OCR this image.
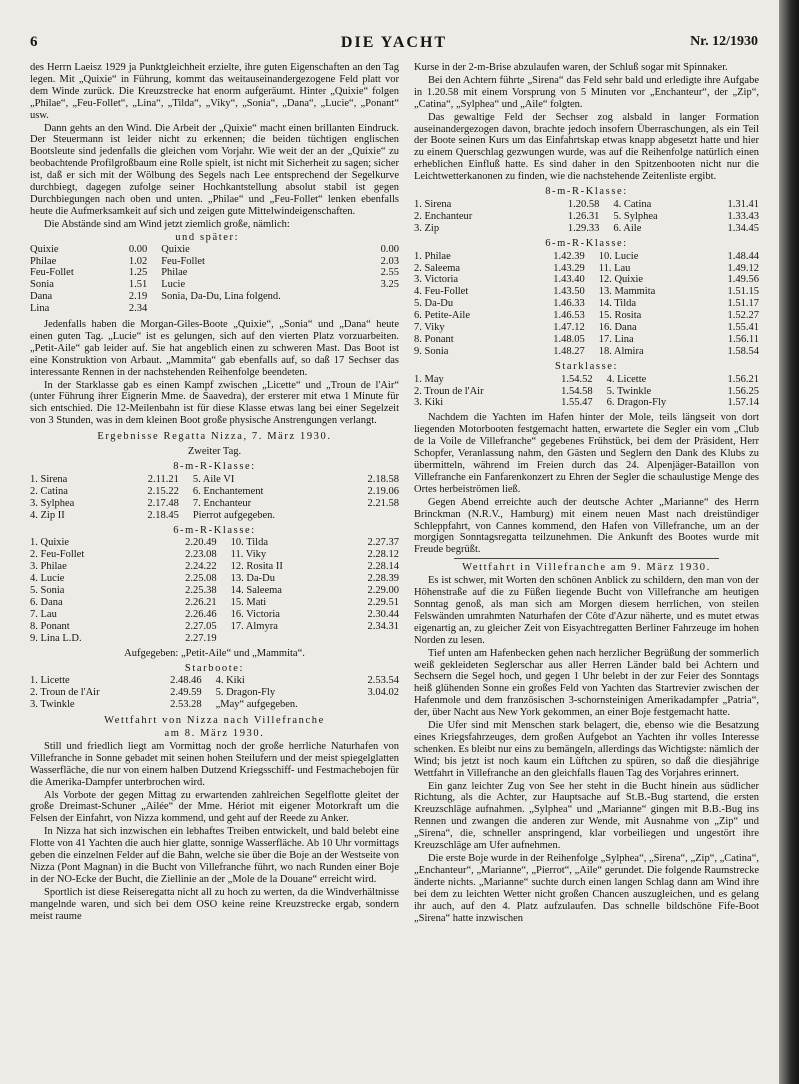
6	DIE YACHT	Nr. 12/1930

des Herrn Laeisz 1929 ja Punktgleichheit erzielte, ihre guten Eigenschaften an den Tag legen. Mit „Quixie“ in Führung, kommt das weitauseinandergezogene Feld platt vor dem Winde zurück. Die Kreuzstrecke hat enorm aufgeräumt. Hinter „Quixie“ folgen „Philae“, „Feu-Follet“, „Lina“, „Tilda“, „Viky“, „Sonia“, „Dana“, „Lucie“, „Ponant“ usw.

Dann gehts an den Wind. Die Arbeit der „Quixie“ macht einen brillanten Eindruck. Der Steuermann ist leider nicht zu erkennen; die beiden tüchtigen englischen Bootsleute sind jedenfalls die gleichen vom Vorjahr. Wie weit der an der „Quixie“ zu beobachtende Profilgroßbaum eine Rolle spielt, ist nicht mit Sicherheit zu sagen; sicher ist, daß er sich mit der Wölbung des Segels nach Lee entsprechend der Segelkurve durchbiegt, dagegen zufolge seiner Hochkantstellung absolut stabil ist gegen Durchbiegungen nach oben und unten. „Philae“ und „Feu-Follet“ lenken ebenfalls heute die Aufmerksamkeit auf sich und zeigen gute Mittelwindeigenschaften.

Die Abstände sind am Wind jetzt ziemlich große, nämlich:

		und später:	
Quixie	0.00	Quixie	0.00
Philae	1.02	Feu-Follet	2.03
Feu-Follet	1.25	Philae	2.55
Sonia	1.51	Lucie	3.25
Dana	2.19	Sonia, Da-Du, Lina folgend.	
Lina	2.34		

Jedenfalls haben die Morgan-Giles-Boote „Quixie“, „Sonia“ und „Dana“ heute einen guten Tag. „Lucie“ ist es gelungen, sich auf den vierten Platz vorzuarbeiten. „Petit-Aile“ gab leider auf. Sie hat angeblich einen zu schweren Mast. Das Boot ist eine Konstruktion von Arbaut. „Mammita“ gab ebenfalls auf, so daß 17 Sechser das interessante Rennen in der nachstehenden Reihenfolge beendeten.

In der Starklasse gab es einen Kampf zwischen „Licette“ und „Troun de l'Air“ (unter Führung ihrer Eignerin Mme. de Saavedra), der ersterer mit etwa 1 Minute für sich entschied. Die 12-Meilenbahn ist für diese Klasse etwas lang bei einer Segelzeit von 3 Stunden, was in dem kleinen Boot große physische Anstrengungen verlangt.

Ergebnisse Regatta Nizza, 7. März 1930.
Zweiter Tag.
8-m-R-Klasse:
1. Sirena	2.11.21	5. Aile VI	2.18.58
2. Catina	2.15.22	6. Enchantement	2.19.06
3. Sylphea	2.17.48	7. Enchanteur	2.21.58
4. Zip II	2.18.45	Pierrot aufgegeben.	
6-m-R-Klasse:
1. Quixie	2.20.49	10. Tilda	2.27.37
2. Feu-Follet	2.23.08	11. Viky	2.28.12
3. Philae	2.24.22	12. Rosita II	2.28.14
4. Lucie	2.25.08	13. Da-Du	2.28.39
5. Sonia	2.25.38	14. Saleema	2.29.00
6. Dana	2.26.21	15. Mati	2.29.51
7. Lau	2.26.46	16. Victoria	2.30.44
8. Ponant	2.27.05	17. Almyra	2.34.31
9. Lina L.D.	2.27.19		
Aufgegeben: „Petit-Aile“ und „Mammita“.
Starboote:
1. Licette	2.48.46	4. Kiki	2.53.54
2. Troun de l'Air	2.49.59	5. Dragon-Fly	3.04.02
3. Twinkle	2.53.28	„May“ aufgegeben.	
Wettfahrt von Nizza nach Villefranche
am 8. März 1930.

Still und friedlich liegt am Vormittag noch der große herrliche Naturhafen von Villefranche in Sonne gebadet mit seinen hohen Steilufern und der meist spiegelglatten Wasserfläche, die nur von einem halben Dutzend Kriegsschiff- und Festmachebojen für die Amerika-Dampfer unterbrochen wird.

Als Vorbote der gegen Mittag zu erwartenden zahlreichen Segelflotte gleitet der große Dreimast-Schuner „Ailée“ der Mme. Hériot mit eigener Motorkraft um die Felsen der Einfahrt, von Nizza kommend, und geht auf der Reede zu Anker.

In Nizza hat sich inzwischen ein lebhaftes Treiben entwickelt, und bald belebt eine Flotte von 41 Yachten die auch hier glatte, sonnige Wasserfläche. Ab 10 Uhr vormittags geben die einzelnen Felder auf die Bahn, welche sie über die Boje an der Westseite von Nizza (Pont Magnan) in die Bucht von Villefranche führt, wo nach Runden einer Boje in der NO-Ecke der Bucht, die Ziellinie an der „Mole de la Douane“ erreicht wird.

Sportlich ist diese Reiseregatta nicht all zu hoch zu werten, da die Windverhältnisse mangelnde waren, und sich bei dem OSO keine reine Kreuzstrecke ergab, sondern meist raume

Kurse in der 2-m-Brise abzulaufen waren, der Schluß sogar mit Spinnaker.

Bei den Achtern führte „Sirena“ das Feld sehr bald und erledigte ihre Aufgabe in 1.20.58 mit einem Vorsprung von 5 Minuten vor „Enchanteur“, der „Zip“, „Catina“, „Sylphea“ und „Aile“ folgten.

Das gewaltige Feld der Sechser zog alsbald in langer Formation auseinandergezogen davon, brachte jedoch insofern Überraschungen, als ein Teil der Boote seinen Kurs um das Einfahrtskap etwas knapp abgesetzt hatte und hier zu einem Querschlag gezwungen wurde, was auf die Reihenfolge natürlich einen erheblichen Einfluß hatte. Es sind daher in den Spitzenbooten nicht nur die Leichtwetterkanonen zu finden, wie die nachstehende Zeitenliste ergibt.

8-m-R-Klasse:
1. Sirena	1.20.58	4. Catina	1.31.41
2. Enchanteur	1.26.31	5. Sylphea	1.33.43
3. Zip	1.29.33	6. Aile	1.34.45
6-m-R-Klasse:
1. Philae	1.42.39	10. Lucie	1.48.44
2. Saleema	1.43.29	11. Lau	1.49.12
3. Victoria	1.43.40	12. Quixie	1.49.56
4. Feu-Follet	1.43.50	13. Mammita	1.51.15
5. Da-Du	1.46.33	14. Tilda	1.51.17
6. Petite-Aile	1.46.53	15. Rosita	1.52.27
7. Viky	1.47.12	16. Dana	1.55.41
8. Ponant	1.48.05	17. Lina	1.56.11
9. Sonia	1.48.27	18. Almira	1.58.54
Starklasse:
1. May	1.54.52	4. Licette	1.56.21
2. Troun de l'Air	1.54.58	5. Twinkle	1.56.25
3. Kiki	1.55.47	6. Dragon-Fly	1.57.14

Nachdem die Yachten im Hafen hinter der Mole, teils längseit von dort liegenden Motorbooten festgemacht hatten, erwartete die Segler ein vom „Club de la Voile de Villefranche“ gegebenes Frühstück, bei dem der Präsident, Herr Schopfer, Veranlassung nahm, den Gästen und Seglern den Dank des Klubs zu übermitteln, während im Freien durch das 24. Alpenjäger-Bataillon von Villefranche ein Fanfarenkonzert zu Ehren der Segler die schaulustige Menge des Ortes herbeiströmen ließ.

Gegen Abend erreichte auch der deutsche Achter „Marianne“ des Herrn Brinckman (N.R.V., Hamburg) mit einem neuen Mast nach dreistündiger Schleppfahrt, von Cannes kommend, den Hafen von Villefranche, um an der morgigen Sonntagsregatta teilzunehmen. Die Ankunft des Bootes wurde mit Freude begrüßt.

Wettfahrt in Villefranche am 9. März 1930.

Es ist schwer, mit Worten den schönen Anblick zu schildern, den man von der Höhenstraße auf die zu Füßen liegende Bucht von Villefranche am heutigen Sonntag genoß, als man sich am Morgen diesem herrlichen, von steilen Felswänden umrahmten Naturhafen der Côte d'Azur näherte, und es mutet etwas eigenartig an, zu gleicher Zeit von Eisyachtregatten Berliner Fahrzeuge im hohen Norden zu lesen.

Tief unten am Hafenbecken gehen nach herzlicher Begrüßung der sommerlich weiß gekleideten Seglerschar aus aller Herren Länder bald bei Achtern und Sechsern die Segel hoch, und gegen 1 Uhr belebt in der zur Feier des Sonntags heiß glühenden Sonne ein großes Feld von Yachten das Startrevier zwischen der Hafenmole und dem französischen 3-schornsteinigen Amerikadampfer „Patria“, der, über Nacht aus New York gekommen, an einer Boje festgemacht hatte.

Die Ufer sind mit Menschen stark belagert, die, ebenso wie die Besatzung eines Kriegsfahrzeuges, dem großen Aufgebot an Yachten ihr volles Interesse schenken. Es bleibt nur eins zu bemängeln, allerdings das Wichtigste: nämlich der Wind; bis jetzt ist noch kaum ein Lüftchen zu spüren, so daß die diesjährige Wettfahrt in Villefranche an den gleichfalls flauen Tag des Vorjahres erinnert.

Ein ganz leichter Zug von See her steht in die Bucht hinein aus südlicher Richtung, als die Achter, zur Hauptsache auf St.B.-Bug startend, die ersten Kreuzschläge aufnahmen. „Sylphea“ und „Marianne“ gingen mit B.B.-Bug ins Rennen und zwangen die anderen zur Wende, mit Ausnahme von „Zip“ und „Sirena“, die, schneller anspringend, klar vorbeiliegen und ungestört ihre Kreuzschläge am Ufer aufnehmen.

Die erste Boje wurde in der Reihenfolge „Sylphea“, „Sirena“, „Zip“, „Catina“, „Enchanteur“, „Marianne“, „Pierrot“, „Aile“ gerundet. Die folgende Raumstrecke änderte nichts. „Marianne“ suchte durch einen langen Schlag dann am Wind ihre bei dem zu leichten Wetter nicht großen Chancen auszugleichen, und es gelang ihr auch, auf den 4. Platz aufzulaufen. Das schnelle bildschöne Fife-Boot „Sirena“ hatte inzwischen
